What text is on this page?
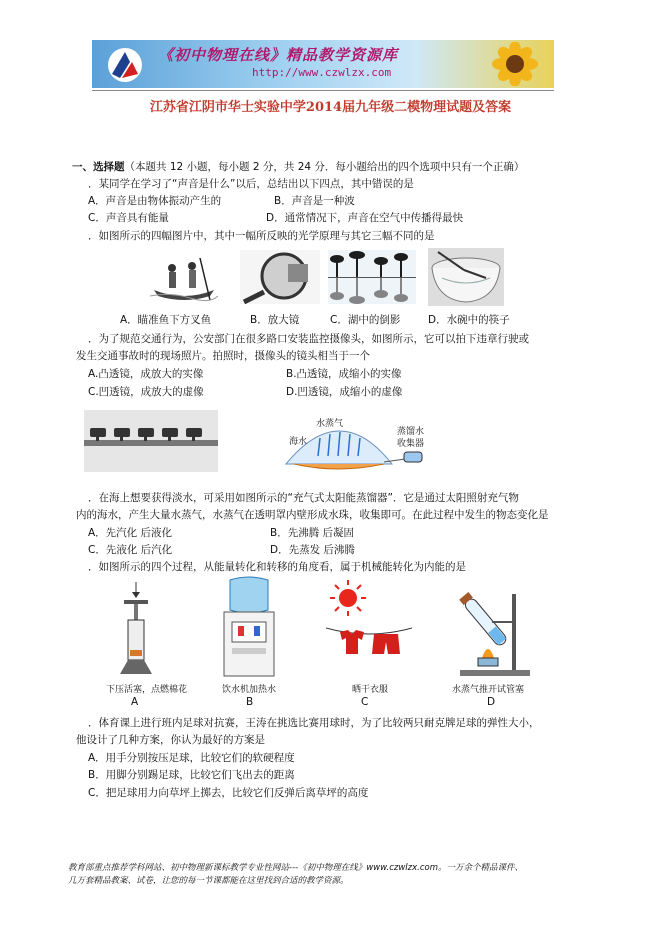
《初中物理在线》精品教学资源库
http://www.czwlzx.com
江苏省江阴市华士实验中学2014届九年级二模物理试题及答案
一、选择题（本题共 12 小题，每小题 2 分，共 24 分．每小题给出的四个选项中只有一个正确）
．某同学在学习了“声音是什么”以后，总结出以下四点，其中错误的是
A．声音是由物体振动产生的	B．声音是一种波
C．声音具有能量	D．通常情况下，声音在空气中传播得最快
．如图所示的四幅图片中，其中一幅所反映的光学原理与其它三幅不同的是
A．瞄准鱼下方叉鱼	B．放大镜	C．湖中的倒影	D．水碗中的筷子
．为了规范交通行为，公安部门在很多路口安装监控摄像头，如图所示，它可以拍下违章行驶或
发生交通事故时的现场照片。拍照时，摄像头的镜头相当于一个
A.凸透镜，成放大的实像	B.凸透镜，成缩小的实像
C.凹透镜，成放大的虚像	D.凹透镜，成缩小的虚像
水蒸气
海水
蒸馏水
收集器
．在海上想要获得淡水，可采用如图所示的“充气式太阳能蒸馏器”．它是通过太阳照射充气物
内的海水，产生大量水蒸气，水蒸气在透明罩内壁形成水珠，收集即可。在此过程中发生的物态变化是
A．先汽化 后液化	B．先沸腾 后凝固
C．先液化 后汽化	D．先蒸发 后沸腾
．如图所示的四个过程，从能量转化和转移的角度看，属于机械能转化为内能的是
下压活塞，点燃棉花	饮水机加热水	晒干衣服	水蒸气推开试管塞
A	B	C	D
．体育课上进行班内足球对抗赛，王涛在挑选比赛用球时，为了比较两只耐克牌足球的弹性大小，
他设计了几种方案，你认为最好的方案是
A．用手分别按压足球，比较它们的软硬程度
B．用脚分别踢足球，比较它们飞出去的距离
C．把足球用力向草坪上掷去，比较它们反弹后离草坪的高度
教育部重点推荐学科网站、初中物理新课标教学专业性网站---《初中物理在线》www.czwlzx.com。一万余个精品课件、
几万套精品教案、试卷，让您的每一节课都能在这里找到合适的教学资源。
